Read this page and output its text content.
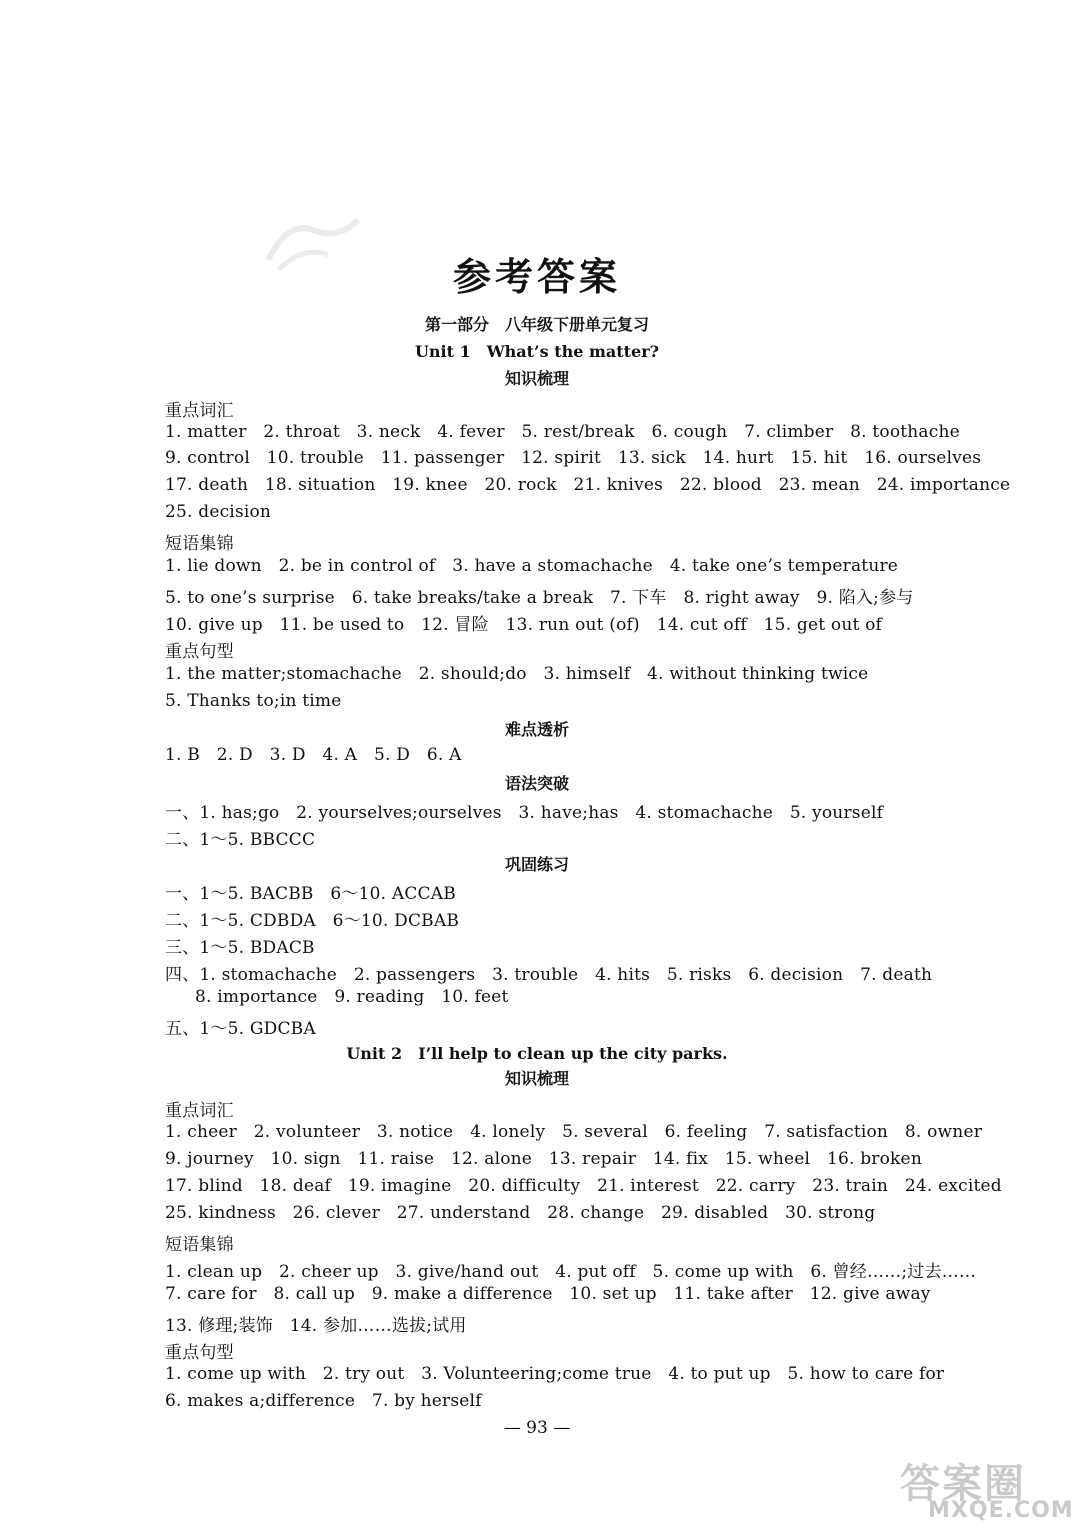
参考答案
第一部分　八年级下册单元复习
Unit 1　What’s the matter?
知识梳理
重点词汇
1. matter   2. throat   3. neck   4. fever   5. rest/break   6. cough   7. climber   8. toothache
9. control   10. trouble   11. passenger   12. spirit   13. sick   14. hurt   15. hit   16. ourselves
17. death   18. situation   19. knee   20. rock   21. knives   22. blood   23. mean   24. importance
25. decision
短语集锦
1. lie down   2. be in control of   3. have a stomachache   4. take one’s temperature
5. to one’s surprise   6. take breaks/take a break   7. 下车   8. right away   9. 陷入;参与
10. give up   11. be used to   12. 冒险   13. run out (of)   14. cut off   15. get out of
重点句型
1. the matter;stomachache   2. should;do   3. himself   4. without thinking twice
5. Thanks to;in time
难点透析
1. B   2. D   3. D   4. A   5. D   6. A
语法突破
一、1. has;go   2. yourselves;ourselves   3. have;has   4. stomachache   5. yourself
二、1～5. BBCCC
巩固练习
一、1～5. BACBB   6～10. ACCAB
二、1～5. CDBDA   6～10. DCBAB
三、1～5. BDACB
四、1. stomachache   2. passengers   3. trouble   4. hits   5. risks   6. decision   7. death
8. importance   9. reading   10. feet
五、1～5. GDCBA
Unit 2　I’ll help to clean up the city parks.
知识梳理
重点词汇
1. cheer   2. volunteer   3. notice   4. lonely   5. several   6. feeling   7. satisfaction   8. owner
9. journey   10. sign   11. raise   12. alone   13. repair   14. fix   15. wheel   16. broken
17. blind   18. deaf   19. imagine   20. difficulty   21. interest   22. carry   23. train   24. excited
25. kindness   26. clever   27. understand   28. change   29. disabled   30. strong
短语集锦
1. clean up   2. cheer up   3. give/hand out   4. put off   5. come up with   6. 曾经……;过去……
7. care for   8. call up   9. make a difference   10. set up   11. take after   12. give away
13. 修理;装饰   14. 参加……选拔;试用
重点句型
1. come up with   2. try out   3. Volunteering;come true   4. to put up   5. how to care for
6. makes a;difference   7. by herself
— 93 —
答案圈
MXQE.COM
